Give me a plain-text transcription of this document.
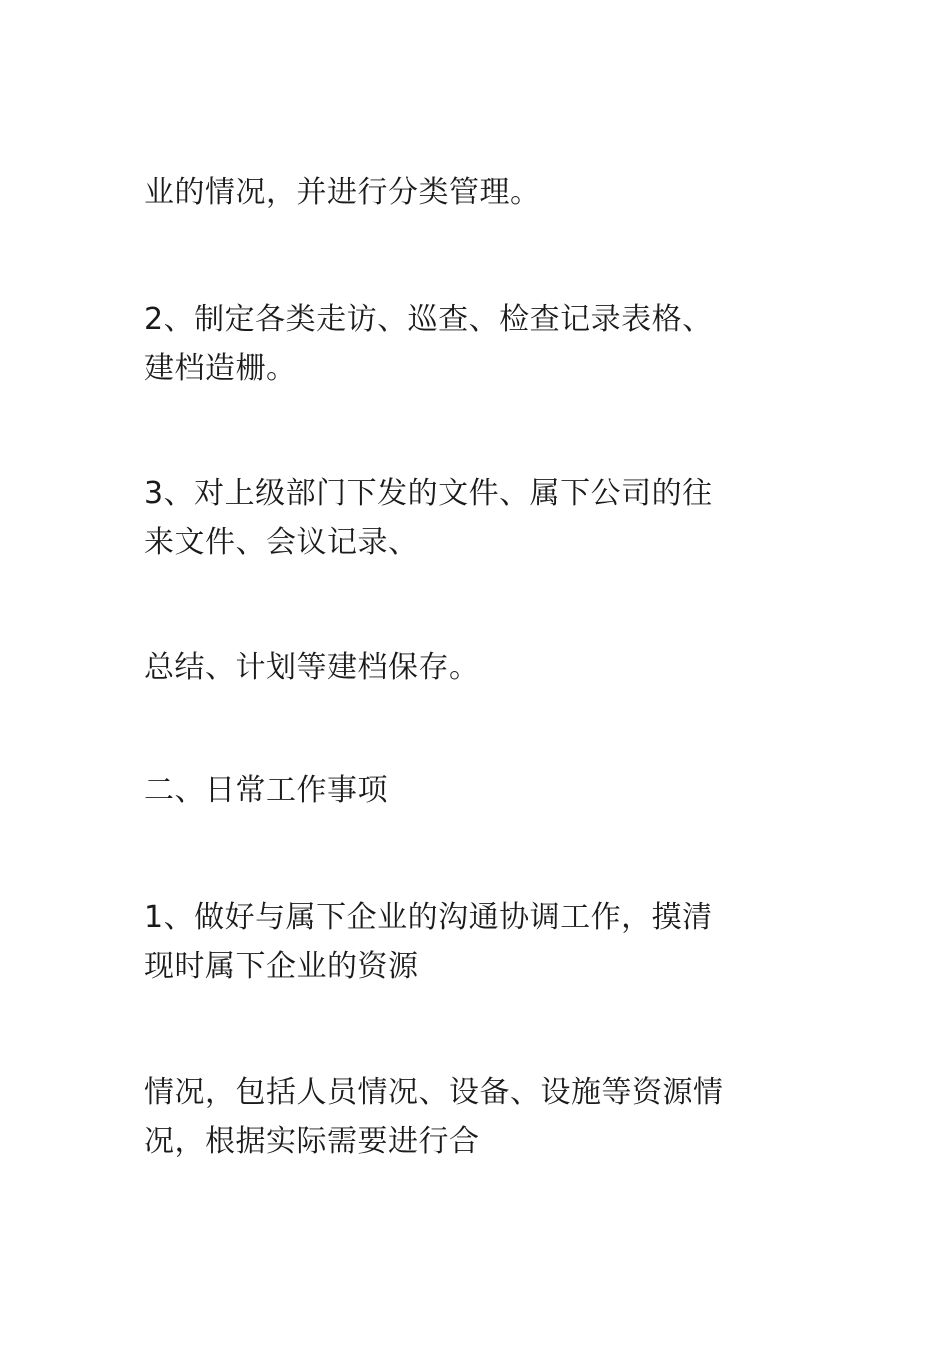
业的情况，并进行分类管理。

2、制定各类走访、巡查、检查记录表格、
建档造栅。

3、对上级部门下发的文件、属下公司的往
来文件、会议记录、

总结、计划等建档保存。

二、日常工作事项

1、做好与属下企业的沟通协调工作，摸清
现时属下企业的资源

情况，包括人员情况、设备、设施等资源情
况，根据实际需要进行合
